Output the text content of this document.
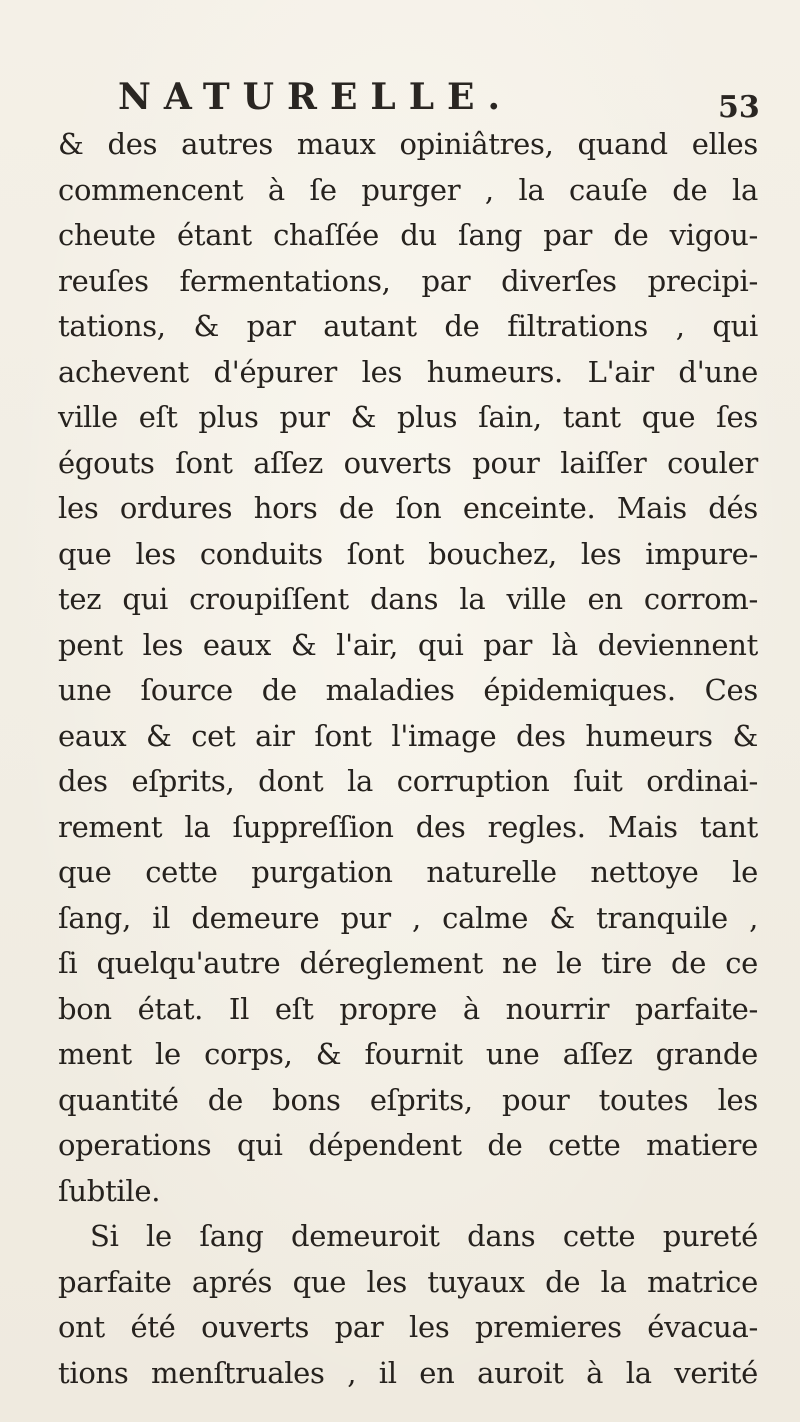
NATURELLE.	53
& des autres maux opiniâtres, quand elles
commencent à ſe purger , la cauſe de la
cheute étant chaſſée du ſang par de vigou-
reuſes fermentations, par diverſes precipi-
tations, & par autant de filtrations , qui
achevent d'épurer les humeurs. L'air d'une
ville eſt plus pur & plus ſain, tant que ſes
égouts ſont aſſez ouverts pour laiſſer couler
les ordures hors de ſon enceinte. Mais dés
que les conduits ſont bouchez, les impure-
tez qui croupiſſent dans la ville en corrom-
pent les eaux & l'air, qui par là deviennent
une ſource de maladies épidemiques. Ces
eaux & cet air ſont l'image des humeurs &
des eſprits, dont la corruption ſuit ordinai-
rement la ſuppreſſion des regles. Mais tant
que cette purgation naturelle nettoye le
ſang, il demeure pur , calme & tranquile ,
ſi quelqu'autre déreglement ne le tire de ce
bon état. Il eſt propre à nourrir parfaite-
ment le corps, & fournit une aſſez grande
quantité de bons eſprits, pour toutes les
operations qui dépendent de cette matiere
ſubtile.
Si le ſang demeuroit dans cette pureté
parfaite aprés que les tuyaux de la matrice
ont été ouverts par les premieres évacua-
tions menſtruales , il en auroit à la verité
